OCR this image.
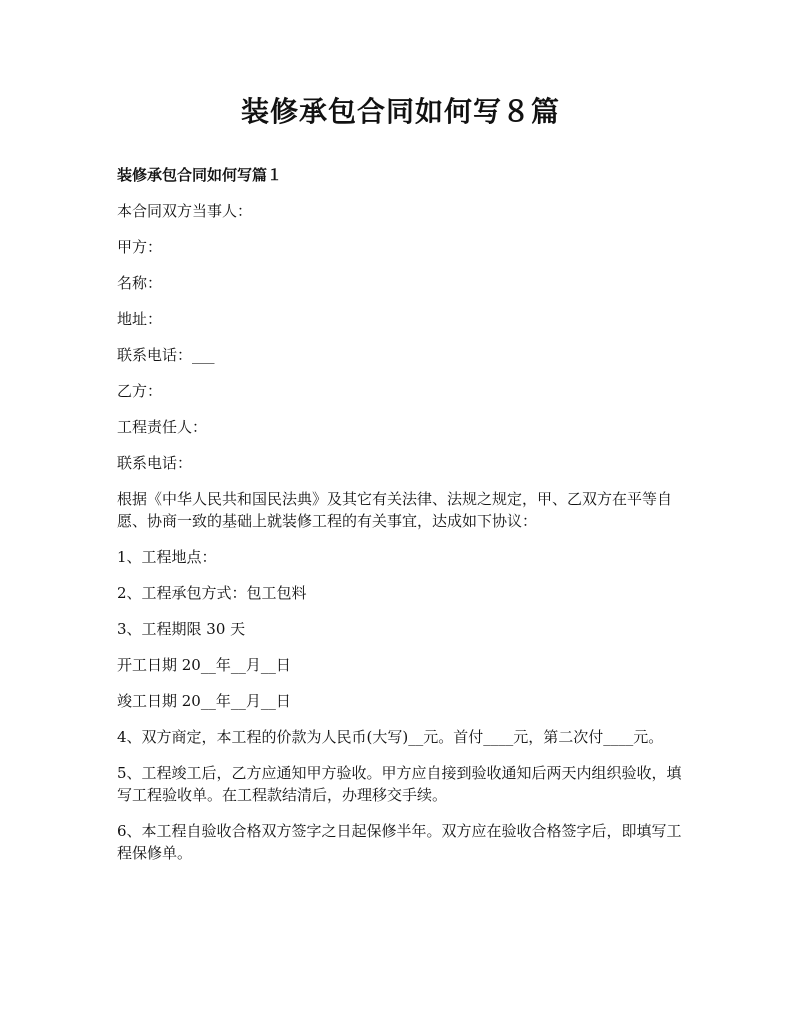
装修承包合同如何写８篇
装修承包合同如何写篇１
本合同双方当事人：
甲方：
名称：
地址：
联系电话：___
乙方：
工程责任人：
联系电话：
根据《中华人民共和国民法典》及其它有关法律、法规之规定，甲、乙双方在平等自愿、协商一致的基础上就装修工程的有关事宜，达成如下协议：
1、工程地点：
2、工程承包方式：包工包料
3、工程期限 30 天
开工日期 20__年__月__日
竣工日期 20__年__月__日
4、双方商定，本工程的价款为人民币(大写)__元。首付____元，第二次付____元。
5、工程竣工后，乙方应通知甲方验收。甲方应自接到验收通知后两天内组织验收，填写工程验收单。在工程款结清后，办理移交手续。
6、本工程自验收合格双方签字之日起保修半年。双方应在验收合格签字后，即填写工程保修单。
